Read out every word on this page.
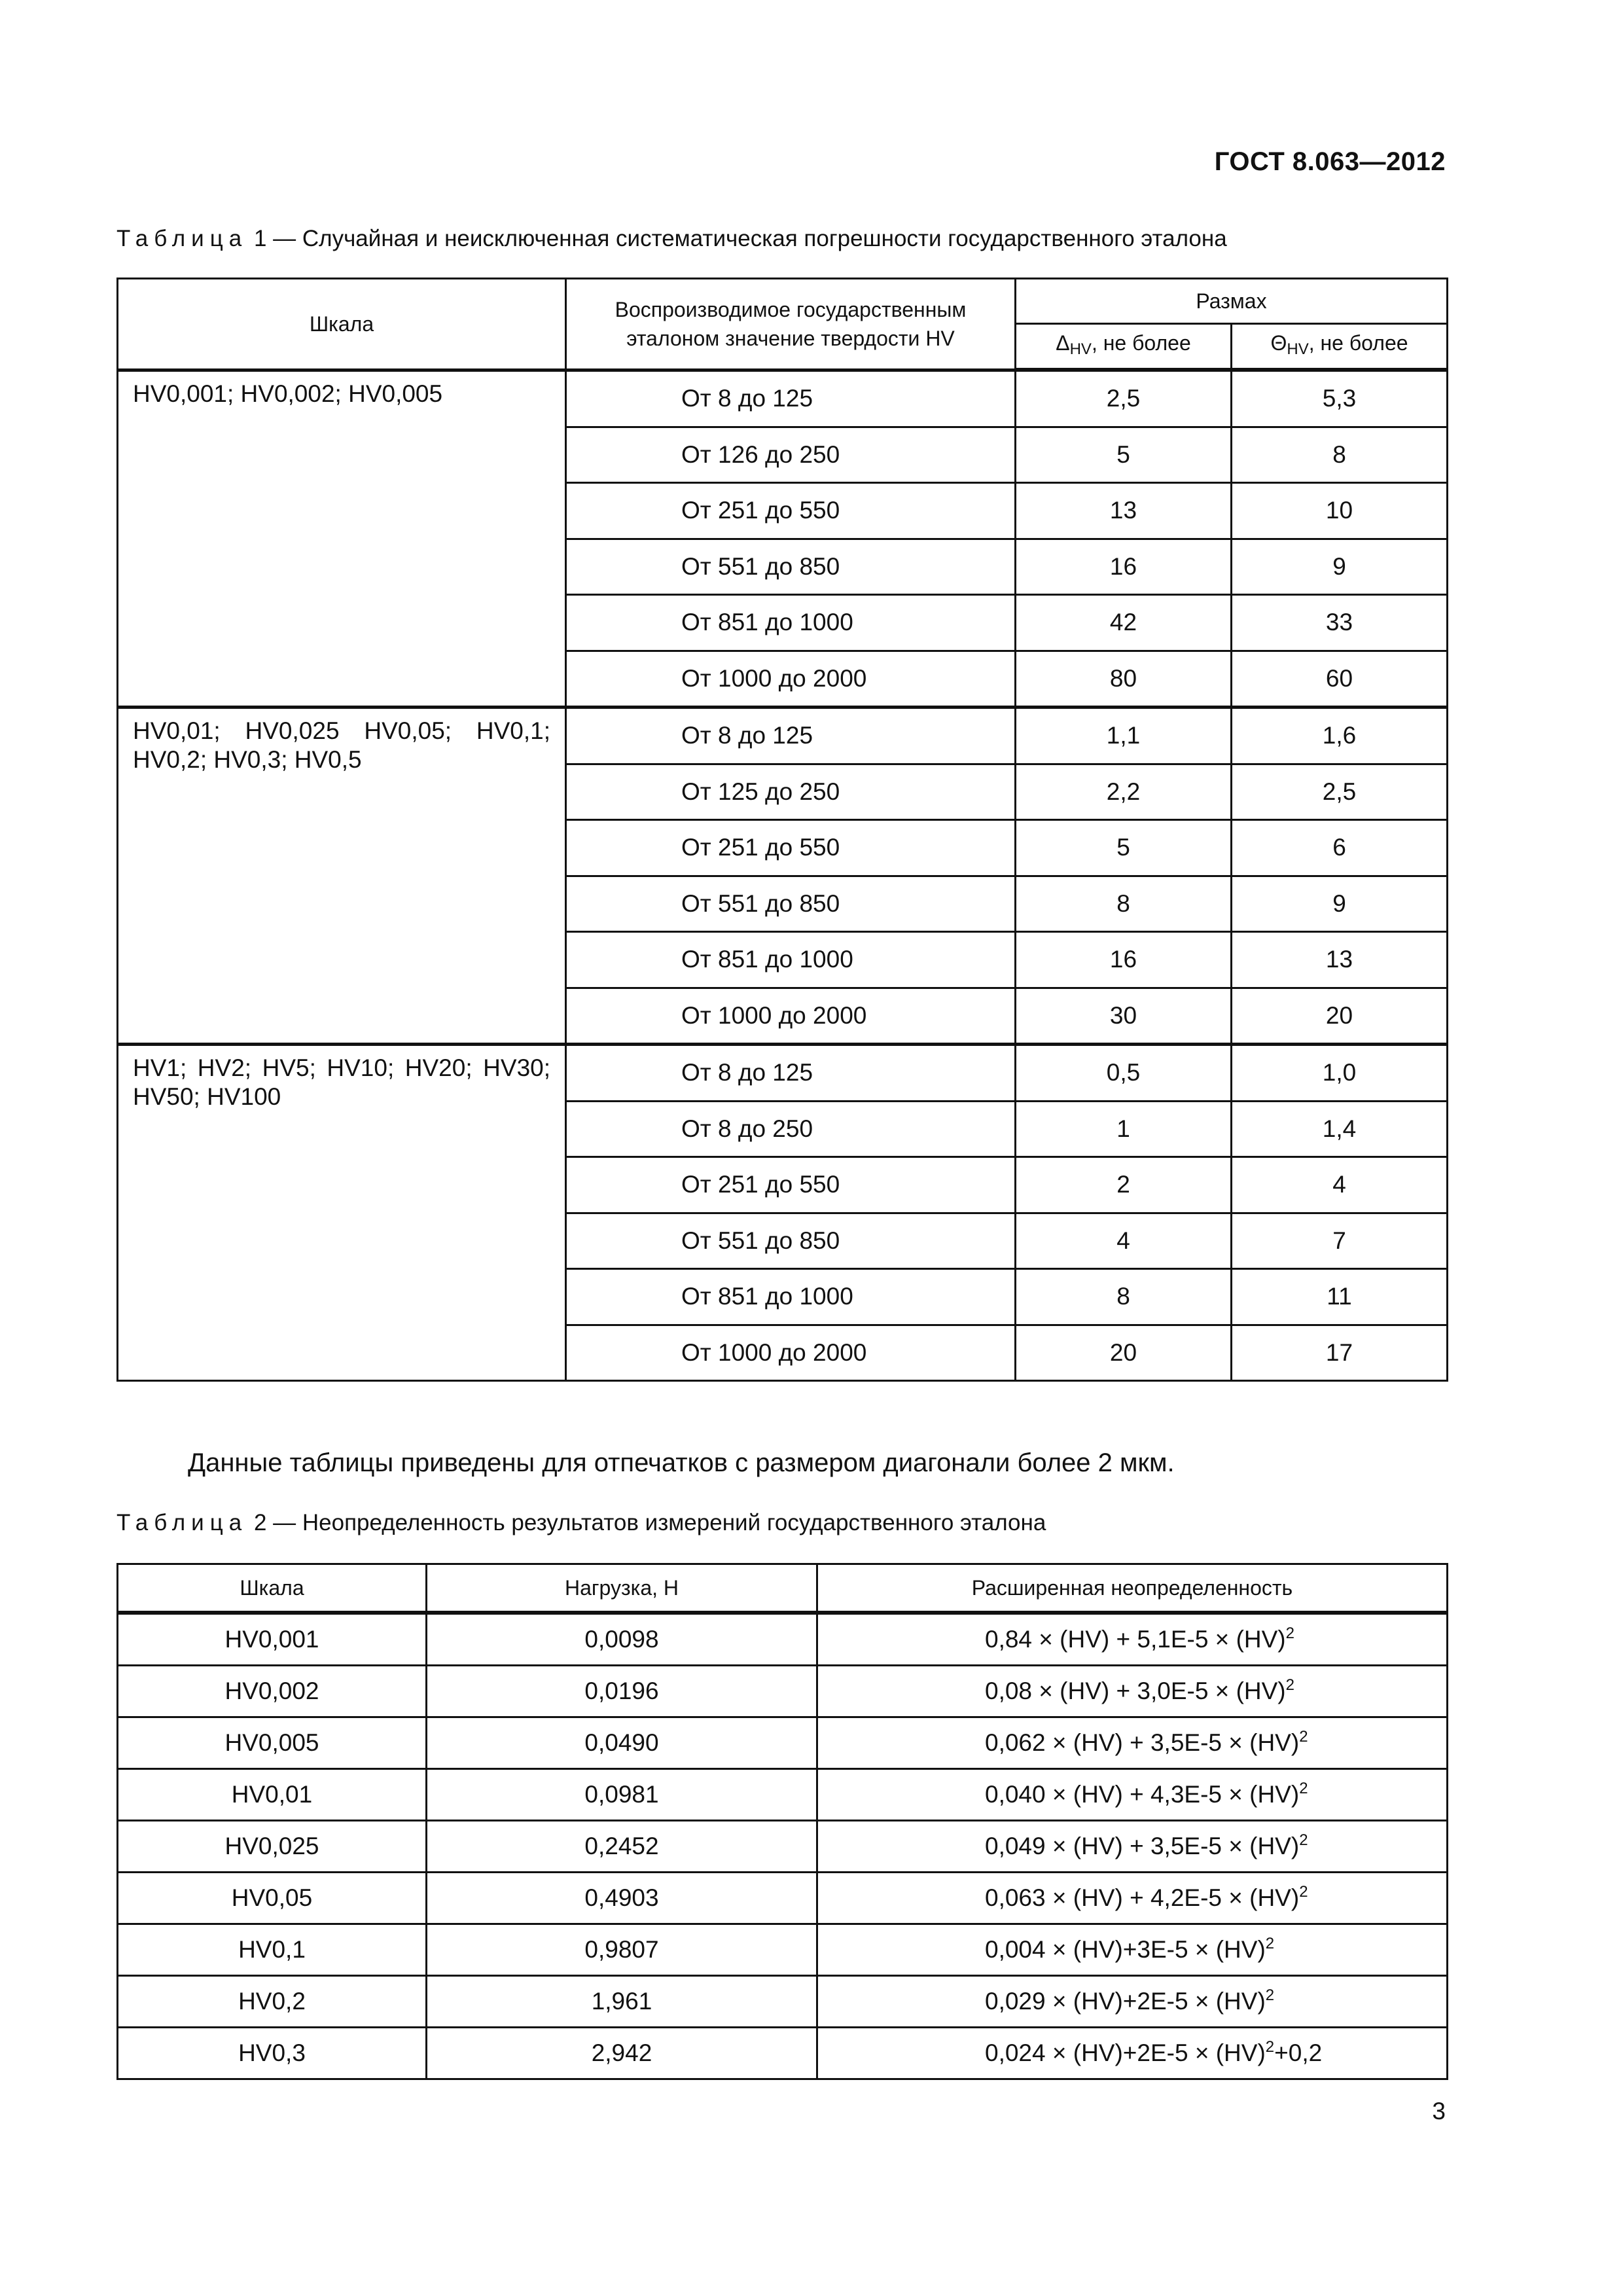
ГОСТ 8.063—2012
Таблица 1 — Случайная и неисключенная систематическая погрешности государственного эталона
Шкала	Воспроизводимое государственным эталоном значение твердости HV	Размах	
		$\Delta_{HV}$, не более	$\Theta_{HV}$, не более
HV0,001; HV0,002; HV0,005	От 8 до 125	2,5	5,3
	От 126 до 250	5	8
	От 251 до 550	13	10
	От 551 до 850	16	9
	От 851 до 1000	42	33
	От 1000 до 2000	80	60
HV0,01; HV0,025 HV0,05; HV0,1; HV0,2; HV0,3; HV0,5	От 8 до 125	1,1	1,6
	От 125 до 250	2,2	2,5
	От 251 до 550	5	6
	От 551 до 850	8	9
	От 851 до 1000	16	13
	От 1000 до 2000	30	20
HV1; HV2; HV5; HV10; HV20; HV30; HV50; HV100	От 8 до 125	0,5	1,0
	От 8 до 250	1	1,4
	От 251 до 550	2	4
	От 551 до 850	4	7
	От 851 до 1000	8	11
	От 1000 до 2000	20	17
Данные таблицы приведены для отпечатков с размером диагонали более 2 мкм.
Таблица 2 — Неопределенность результатов измерений государственного эталона
Шкала	Нагрузка, Н	Расширенная неопределенность
HV0,001	0,0098	0,84 × (HV) + 5,1E-5 × (HV)$^2$
HV0,002	0,0196	0,08 × (HV) + 3,0E-5 × (HV)$^2$
HV0,005	0,0490	0,062 × (HV) + 3,5E-5 × (HV)$^2$
HV0,01	0,0981	0,040 × (HV) + 4,3E-5 × (HV)$^2$
HV0,025	0,2452	0,049 × (HV) + 3,5E-5 × (HV)$^2$
HV0,05	0,4903	0,063 × (HV) + 4,2E-5 × (HV)$^2$
HV0,1	0,9807	0,004 × (HV)+3E-5 × (HV)$^2$
HV0,2	1,961	0,029 × (HV)+2E-5 × (HV)$^2$
HV0,3	2,942	0,024 × (HV)+2E-5 × (HV)$^2$+0,2
3
